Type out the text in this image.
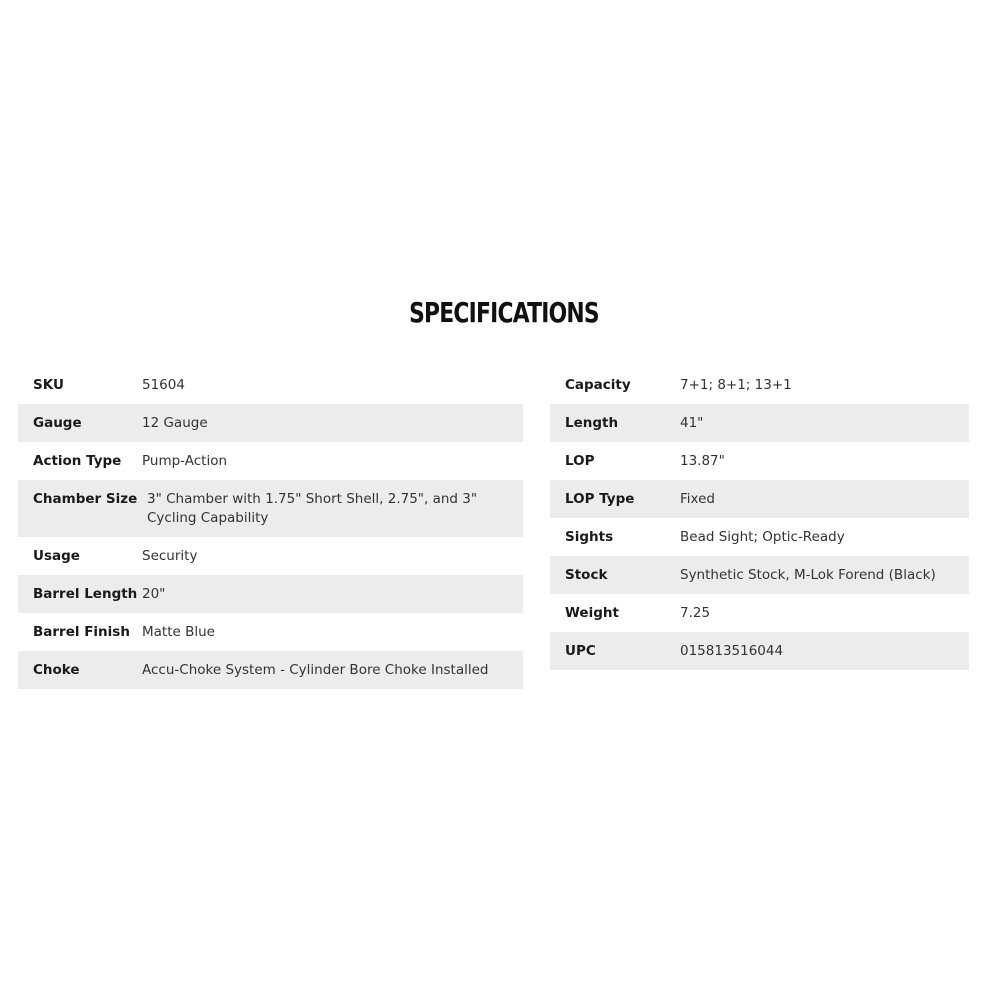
SPECIFICATIONS
SKU	51604
Gauge	12 Gauge
Action Type	Pump-Action
Chamber Size 3" Chamber with 1.75" Short Shell, 2.75", and 3" Cycling Capability
Usage	Security
Barrel Length 20"
Barrel Finish Matte Blue
Choke	Accu-Choke System - Cylinder Bore Choke Installed
Capacity	7+1; 8+1; 13+1
Length	41"
LOP	13.87"
LOP Type	Fixed
Sights	Bead Sight; Optic-Ready
Stock	Synthetic Stock, M-Lok Forend (Black)
Weight	7.25
UPC	015813516044
